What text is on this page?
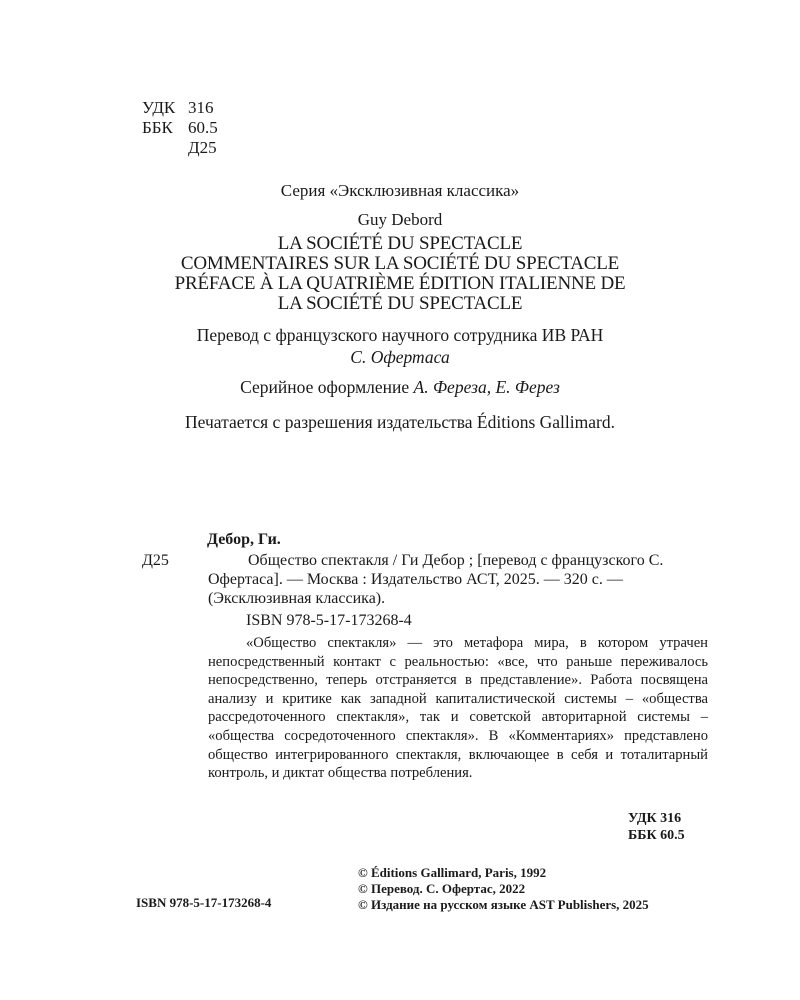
УДК 316
ББК 60.5
Д25
Серия «Эксклюзивная классика»
Guy Debord
LA SOCIÉTÉ DU SPECTACLE
COMMENTAIRES SUR LA SOCIÉTÉ DU SPECTACLE
PRÉFACE À LA QUATRIÈME ÉDITION ITALIENNE DE
LA SOCIÉTÉ DU SPECTACLE
Перевод с французского научного сотрудника ИВ РАН
С. Офертаса
Серийное оформление А. Фереза, Е. Ферез
Печатается с разрешения издательства Éditions Gallimard.
Дебор, Ги.
Д25	Общество спектакля / Ги Дебор ; [перевод с французского С. Офертаса]. — Москва : Издательство АСТ, 2025. — 320 с. — (Эксклюзивная классика).
ISBN 978-5-17-173268-4
«Общество спектакля» — это метафора мира, в котором утрачен непосредственный контакт с реальностью: «все, что раньше переживалось непосредственно, теперь отстраняется в представление». Работа посвящена анализу и критике как западной капиталистической системы – «общества рассредоточенного спектакля», так и советской авторитарной системы – «общества сосредоточенного спектакля». В «Комментариях» представлено общество интегрированного спектакля, включающее в себя и тоталитарный контроль, и диктат общества потребления.
УДК 316
ББК 60.5
© Éditions Gallimard, Paris, 1992
© Перевод. С. Офертас, 2022
© Издание на русском языке AST Publishers, 2025
ISBN 978-5-17-173268-4
